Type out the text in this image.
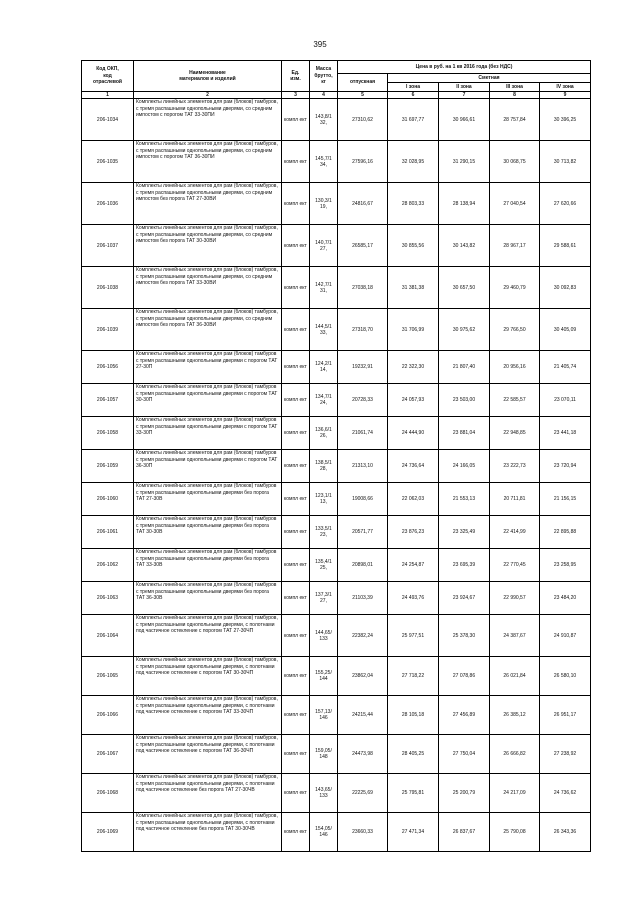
395
Код ОКП,
код
отраслевой	Наименование
материалов и изделий	Ед.
изм.	Масса
брутто,
кг	Цена в руб. на 1 кв 2016 года (без НДС)				
				отпускная	Сметная			
					I зона	II зона	III зона	IV зона
1	2	3	4	5	6	7	8	9
206-1034	Комплекты линейных элементов для рам (блоков) тамбуров, с тремя распашными однопольными дверями, со средним импостом с порогом ТАТ 33-30ПИ	компл ект	143,8/1 32,	27310,62	31 697,77	30 966,61	28 757,84	30 396,25
206-1035	Комплекты линейных элементов для рам (блоков) тамбуров, с тремя распашными однопольными дверями, со средним импостом с порогом ТАТ 36-30ПИ	компл ект	145,7/1 34,	27596,16	32 028,95	31 290,15	30 068,75	30 713,82
206-1036	Комплекты линейных элементов для рам (блоков) тамбуров, с тремя распашными однопольными дверями, со средним импостом без порога ТАТ 27-30ВИ	компл ект	130,3/1 19,	24816,67	28 803,33	28 138,94	27 040,54	27 620,66
206-1037	Комплекты линейных элементов для рам (блоков) тамбуров, с тремя распашными однопольными дверями, со средним импостом без порога ТАТ 30-30ВИ	компл ект	140,7/1 27,	26585,17	30 855,56	30 143,82	28 967,17	29 588,61
206-1038	Комплекты линейных элементов для рам (блоков) тамбуров, с тремя распашными однопольными дверями, со средним импостом без порога ТАТ 33-30ВИ	компл ект	142,7/1 31,	27038,18	31 381,38	30 657,50	29 460,79	30 092,83
206-1039	Комплекты линейных элементов для рам (блоков) тамбуров, с тремя распашными однопольными дверями, со средним импостом без порога ТАТ 36-30ВИ	компл ект	144,5/1 33,	27318,70	31 706,99	30 975,62	29 766,50	30 405,09
206-1056	Комплекты линейных элементов для рам (блоков) тамбуров с тремя распашными однопольными дверями с порогом ТАТ 27-30П	компл ект	124,2/1 14,	19232,91	22 322,30	21 807,40	20 956,16	21 405,74
206-1057	Комплекты линейных элементов для рам (блоков) тамбуров с тремя распашными однопольными дверями с порогом ТАТ 30-30П	компл ект	134,7/1 24,	20728,33	24 057,93	23 503,00	22 585,57	23 070,11
206-1058	Комплекты линейных элементов для рам (блоков) тамбуров с тремя распашными однопольными дверями с порогом ТАТ 33-30П	компл ект	136,6/1 26,	21061,74	24 444,90	23 881,04	22 948,85	23 441,18
206-1059	Комплекты линейных элементов для рам (блоков) тамбуров с тремя распашными однопольными дверями с порогом ТАТ 36-30П	компл ект	138,5/1 28,	21313,10	24 736,64	24 166,05	23 222,73	23 720,94
206-1060	Комплекты линейных элементов для рам (блоков) тамбуров с тремя распашными однопольными дверями без порога ТАТ 27-30В	компл ект	123,1/1 13,	19008,66	22 062,03	21 553,13	20 711,81	21 156,15
206-1061	Комплекты линейных элементов для рам (блоков) тамбуров с тремя распашными однопольными дверями без порога ТАТ 30-30В	компл ект	133,5/1 23,	20571,77	23 876,23	23 325,49	22 414,99	22 895,88
206-1062	Комплекты линейных элементов для рам (блоков) тамбуров с тремя распашными однопольными дверями без порога ТАТ 33-30В	компл ект	135,4/1 25,	20898,01	24 254,87	23 695,39	22 770,45	23 258,95
206-1063	Комплекты линейных элементов для рам (блоков) тамбуров с тремя распашными однопольными дверями без порога ТАТ 36-30В	компл ект	137,3/1 27,	21103,39	24 493,76	23 924,67	22 990,57	23 484,20
206-1064	Комплекты линейных элементов для рам (блоков) тамбуров, с тремя распашными однопольными дверями, с полотнами под частичное остекление с порогом ТАТ 27-30ЧП	компл ект	144,65/ 133	22382,24	25 977,51	25 378,30	24 387,67	24 910,87
206-1065	Комплекты линейных элементов для рам (блоков) тамбуров, с тремя распашными однопольными дверями, с полотнами под частичное остекление с порогом ТАТ 30-30ЧП	компл ект	155,25/ 144	23862,04	27 718,22	27 078,86	26 021,84	26 580,10
206-1066	Комплекты линейных элементов для рам (блоков) тамбуров, с тремя распашными однопольными дверями, с полотнами под частичное остекление с порогом ТАТ 33-30ЧП	компл ект	157,13/ 146	24215,44	28 105,18	27 456,89	26 385,12	26 951,17
206-1067	Комплекты линейных элементов для рам (блоков) тамбуров, с тремя распашными однопольными дверями, с полотнами под частичное остекление с порогом ТАТ 36-30ЧП	компл ект	159,05/ 148	24473,98	28 405,25	27 750,04	26 666,82	27 238,92
206-1068	Комплекты линейных элементов для рам (блоков) тамбуров, с тремя распашными однопольными дверями, с полотнами под частичное остекление без порога ТАТ 27-30ЧВ	компл ект	143,65/ 133	22225,69	25 795,81	25 200,79	24 217,09	24 736,62
206-1069	Комплекты линейных элементов для рам (блоков) тамбуров, с тремя распашными однопольными дверями, с полотнами под частичное остекление без порога ТАТ 30-30ЧВ	компл ект	154,05/ 146	23660,33	27 471,34	26 837,67	25 790,08	26 343,36
